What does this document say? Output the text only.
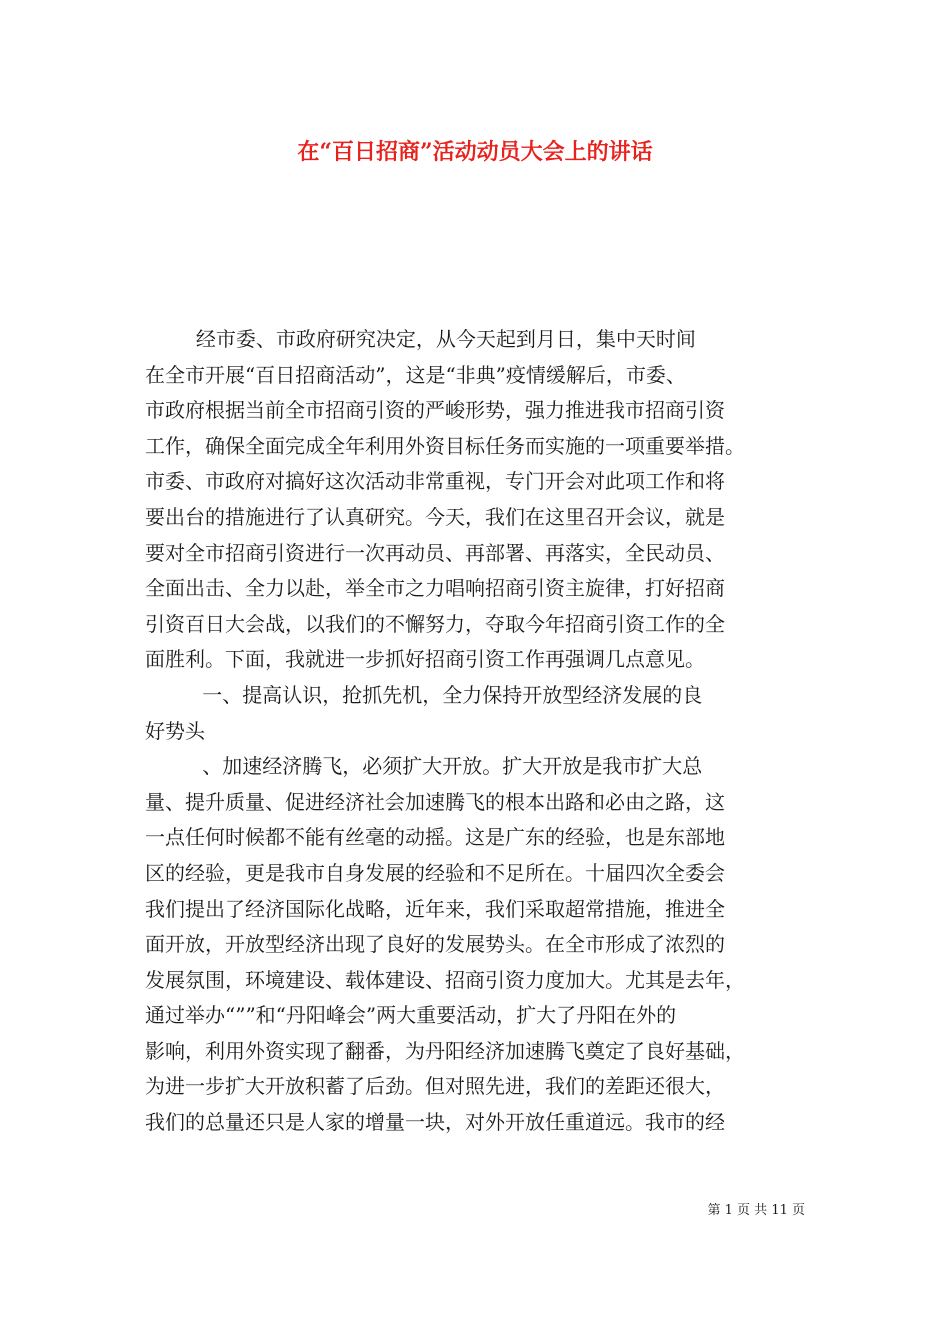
在“百日招商”活动动员大会上的讲话
经市委、市政府研究决定，从今天起到月日，集中天时间
在全市开展“百日招商活动”，这是“非典”疫情缓解后，市委、
市政府根据当前全市招商引资的严峻形势，强力推进我市招商引资
工作，确保全面完成全年利用外资目标任务而实施的一项重要举措。
市委、市政府对搞好这次活动非常重视，专门开会对此项工作和将
要出台的措施进行了认真研究。今天，我们在这里召开会议，就是
要对全市招商引资进行一次再动员、再部署、再落实，全民动员、
全面出击、全力以赴，举全市之力唱响招商引资主旋律，打好招商
引资百日大会战，以我们的不懈努力，夺取今年招商引资工作的全
面胜利。下面，我就进一步抓好招商引资工作再强调几点意见。
一、提高认识，抢抓先机，全力保持开放型经济发展的良
好势头
、加速经济腾飞，必须扩大开放。扩大开放是我市扩大总
量、提升质量、促进经济社会加速腾飞的根本出路和必由之路，这
一点任何时候都不能有丝毫的动摇。这是广东的经验，也是东部地
区的经验，更是我市自身发展的经验和不足所在。十届四次全委会
我们提出了经济国际化战略，近年来，我们采取超常措施，推进全
面开放，开放型经济出现了良好的发展势头。在全市形成了浓烈的
发展氛围，环境建设、载体建设、招商引资力度加大。尤其是去年，
通过举办“””和“丹阳峰会”两大重要活动，扩大了丹阳在外的
影响，利用外资实现了翻番，为丹阳经济加速腾飞奠定了良好基础，
为进一步扩大开放积蓄了后劲。但对照先进，我们的差距还很大，
我们的总量还只是人家的增量一块，对外开放任重道远。我市的经
第 1 页 共 11 页
